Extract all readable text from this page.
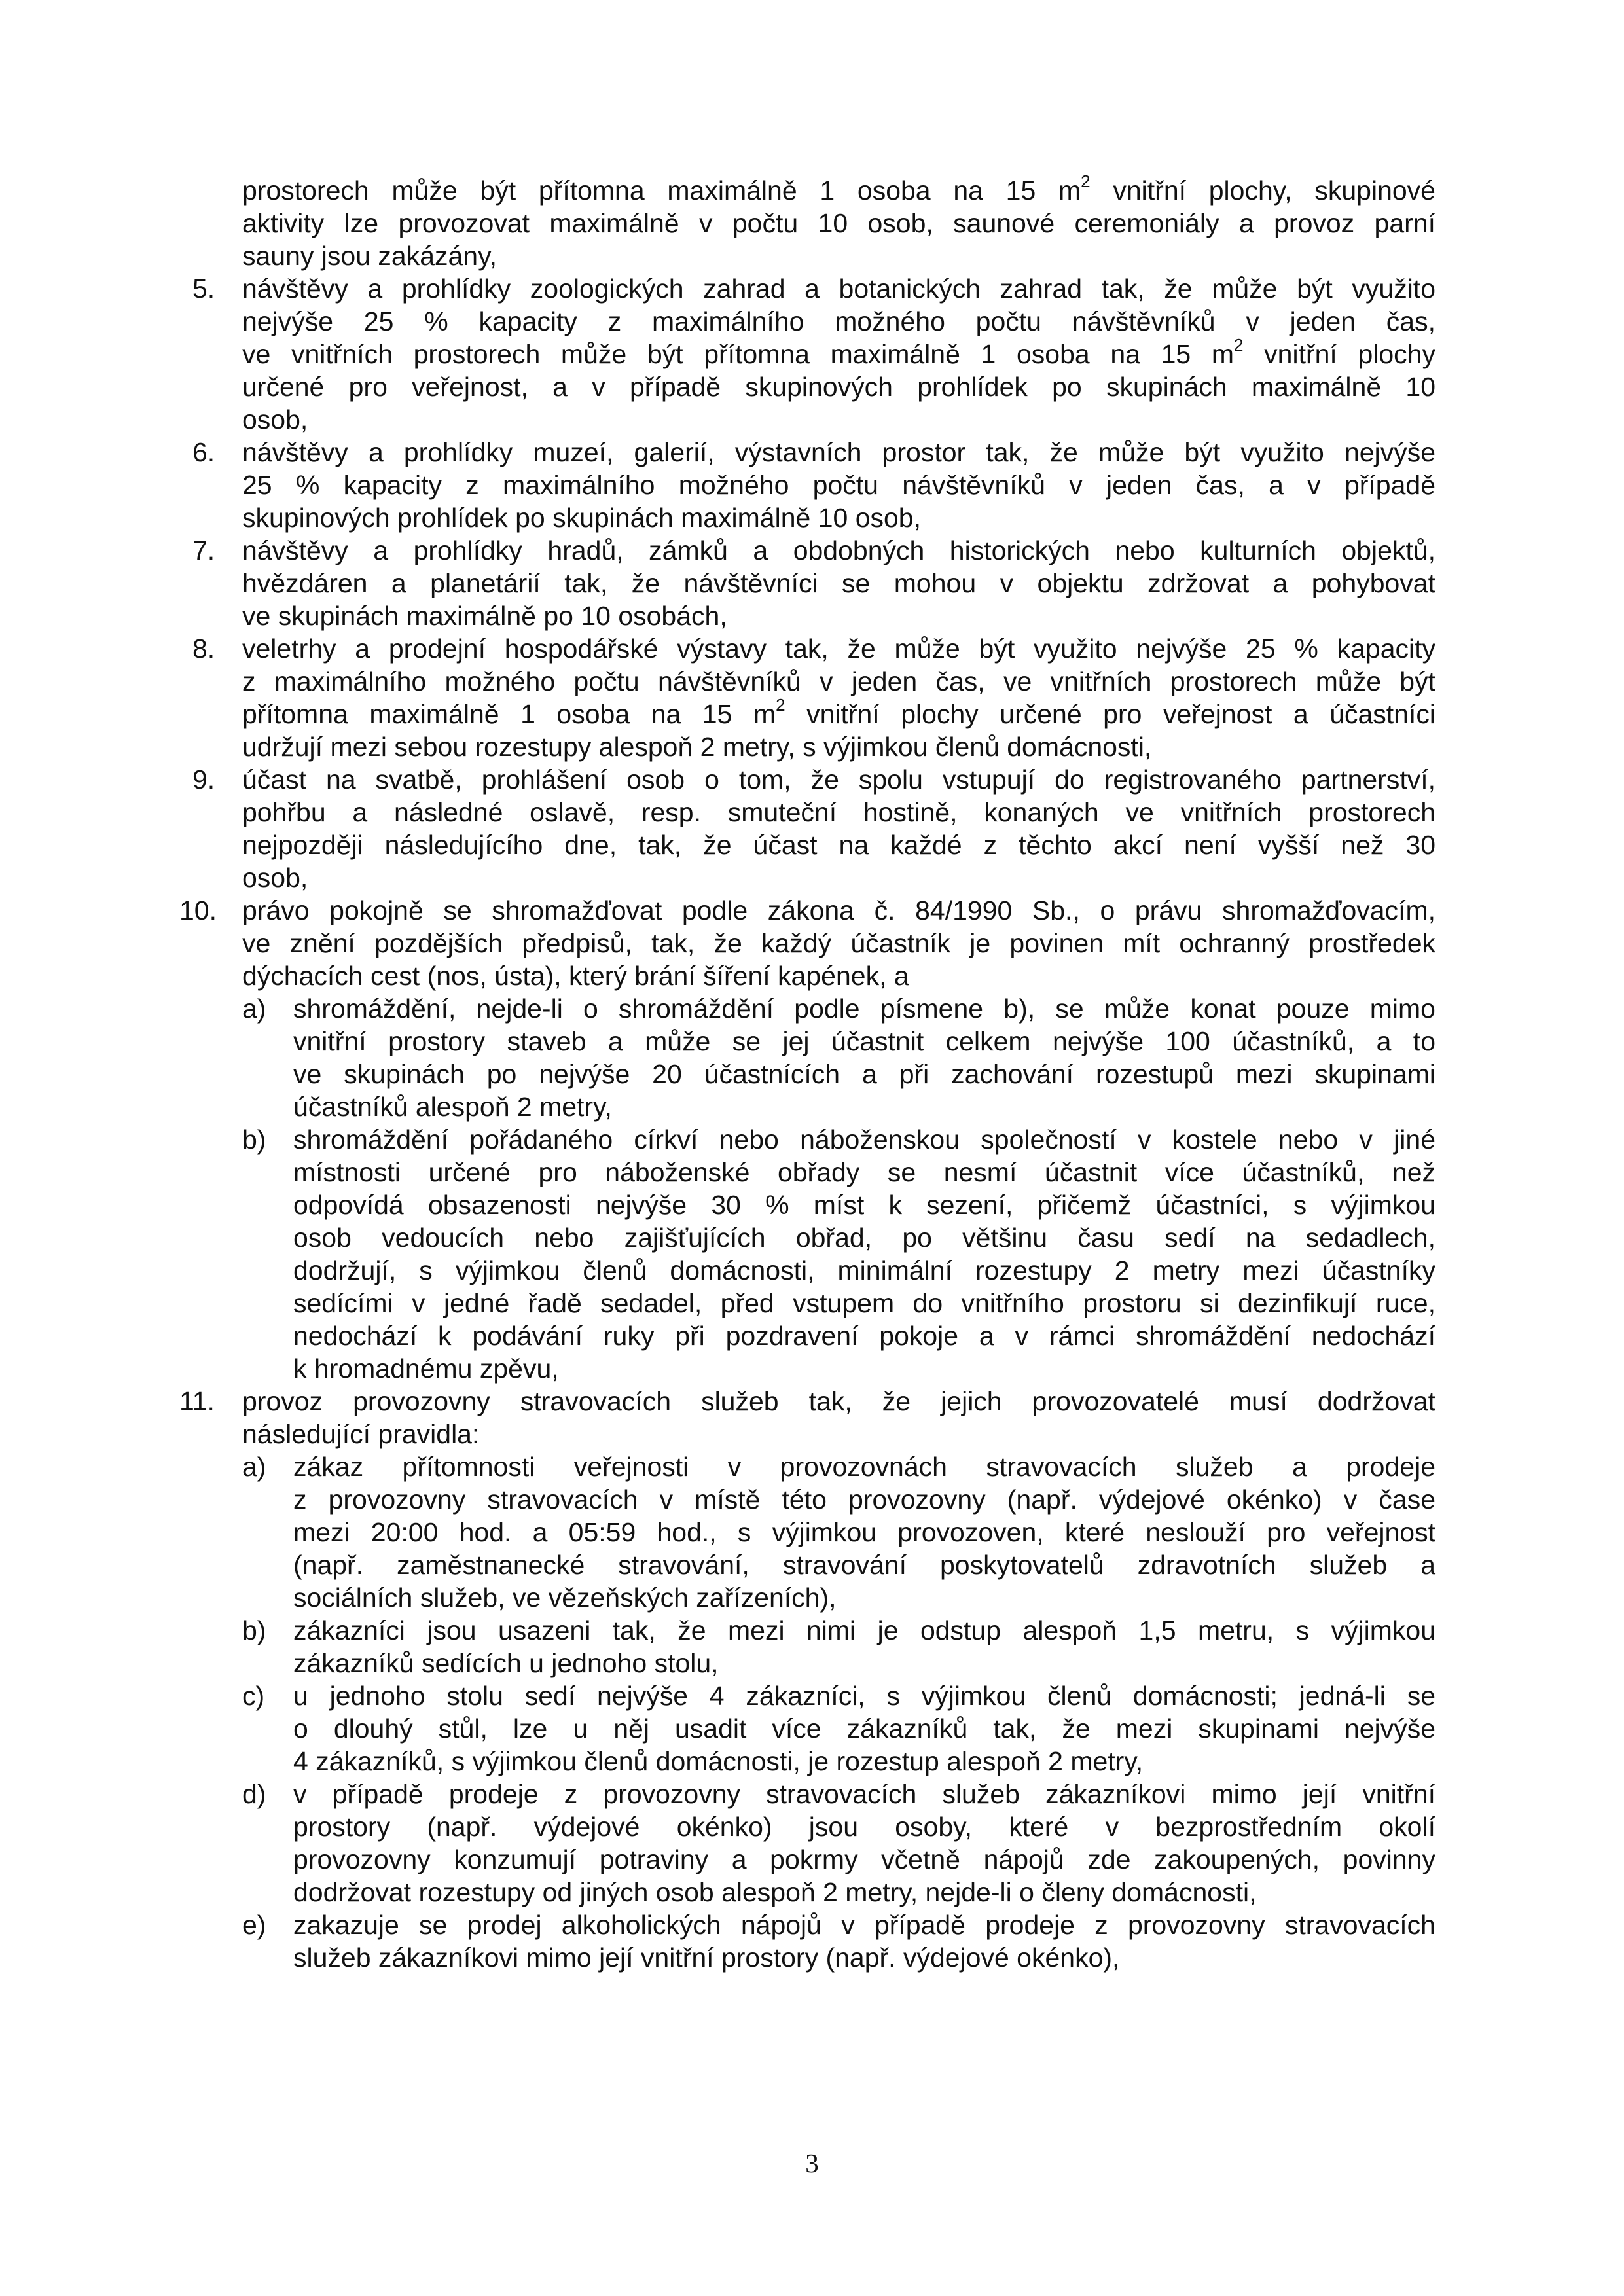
prostorech může být přítomna maximálně 1 osoba na 15 $m^2$ vnitřní plochy, skupinové
aktivity lze provozovat maximálně v počtu 10 osob, saunové ceremoniály a provoz parní
sauny jsou zakázány,
5. návštěvy a prohlídky zoologických zahrad a botanických zahrad tak, že může být využito
nejvýše 25 % kapacity z maximálního možného počtu návštěvníků v jeden čas,
ve vnitřních prostorech může být přítomna maximálně 1 osoba na 15 $m^2$ vnitřní plochy
určené pro veřejnost, a v případě skupinových prohlídek po skupinách maximálně 10
osob,
6. návštěvy a prohlídky muzeí, galerií, výstavních prostor tak, že může být využito nejvýše
25 % kapacity z maximálního možného počtu návštěvníků v jeden čas, a v případě
skupinových prohlídek po skupinách maximálně 10 osob,
7. návštěvy a prohlídky hradů, zámků a obdobných historických nebo kulturních objektů,
hvězdáren a planetárií tak, že návštěvníci se mohou v objektu zdržovat a pohybovat
ve skupinách maximálně po 10 osobách,
8. veletrhy a prodejní hospodářské výstavy tak, že může být využito nejvýše 25 % kapacity
z maximálního možného počtu návštěvníků v jeden čas, ve vnitřních prostorech může být
přítomna maximálně 1 osoba na 15 $m^2$ vnitřní plochy určené pro veřejnost a účastníci
udržují mezi sebou rozestupy alespoň 2 metry, s výjimkou členů domácnosti,
9. účast na svatbě, prohlášení osob o tom, že spolu vstupují do registrovaného partnerství,
pohřbu a následné oslavě, resp. smuteční hostině, konaných ve vnitřních prostorech
nejpozději následujícího dne, tak, že účast na každé z těchto akcí není vyšší než 30
osob,
10. právo pokojně se shromažďovat podle zákona č. 84/1990 Sb., o právu shromažďovacím,
ve znění pozdějších předpisů, tak, že každý účastník je povinen mít ochranný prostředek
dýchacích cest (nos, ústa), který brání šíření kapének, a
a) shromáždění, nejde-li o shromáždění podle písmene b), se může konat pouze mimo
vnitřní prostory staveb a může se jej účastnit celkem nejvýše 100 účastníků, a to
ve skupinách po nejvýše 20 účastnících a při zachování rozestupů mezi skupinami
účastníků alespoň 2 metry,
b) shromáždění pořádaného církví nebo náboženskou společností v kostele nebo v jiné
místnosti určené pro náboženské obřady se nesmí účastnit více účastníků, než
odpovídá obsazenosti nejvýše 30 % míst k sezení, přičemž účastníci, s výjimkou
osob vedoucích nebo zajišťujících obřad, po většinu času sedí na sedadlech,
dodržují, s výjimkou členů domácnosti, minimální rozestupy 2 metry mezi účastníky
sedícími v jedné řadě sedadel, před vstupem do vnitřního prostoru si dezinfikují ruce,
nedochází k podávání ruky při pozdravení pokoje a v rámci shromáždění nedochází
k hromadnému zpěvu,
11. provoz provozovny stravovacích služeb tak, že jejich provozovatelé musí dodržovat
následující pravidla:
a) zákaz přítomnosti veřejnosti v provozovnách stravovacích služeb a prodeje
z provozovny stravovacích v místě této provozovny (např. výdejové okénko) v čase
mezi 20:00 hod. a 05:59 hod., s výjimkou provozoven, které neslouží pro veřejnost
(např. zaměstnanecké stravování, stravování poskytovatelů zdravotních služeb a
sociálních služeb, ve vězeňských zařízeních),
b) zákazníci jsou usazeni tak, že mezi nimi je odstup alespoň 1,5 metru, s výjimkou
zákazníků sedících u jednoho stolu,
c) u jednoho stolu sedí nejvýše 4 zákazníci, s výjimkou členů domácnosti; jedná-li se
o dlouhý stůl, lze u něj usadit více zákazníků tak, že mezi skupinami nejvýše
4 zákazníků, s výjimkou členů domácnosti, je rozestup alespoň 2 metry,
d) v případě prodeje z provozovny stravovacích služeb zákazníkovi mimo její vnitřní
prostory (např. výdejové okénko) jsou osoby, které v bezprostředním okolí
provozovny konzumují potraviny a pokrmy včetně nápojů zde zakoupených, povinny
dodržovat rozestupy od jiných osob alespoň 2 metry, nejde-li o členy domácnosti,
e) zakazuje se prodej alkoholických nápojů v případě prodeje z provozovny stravovacích
služeb zákazníkovi mimo její vnitřní prostory (např. výdejové okénko),
3
